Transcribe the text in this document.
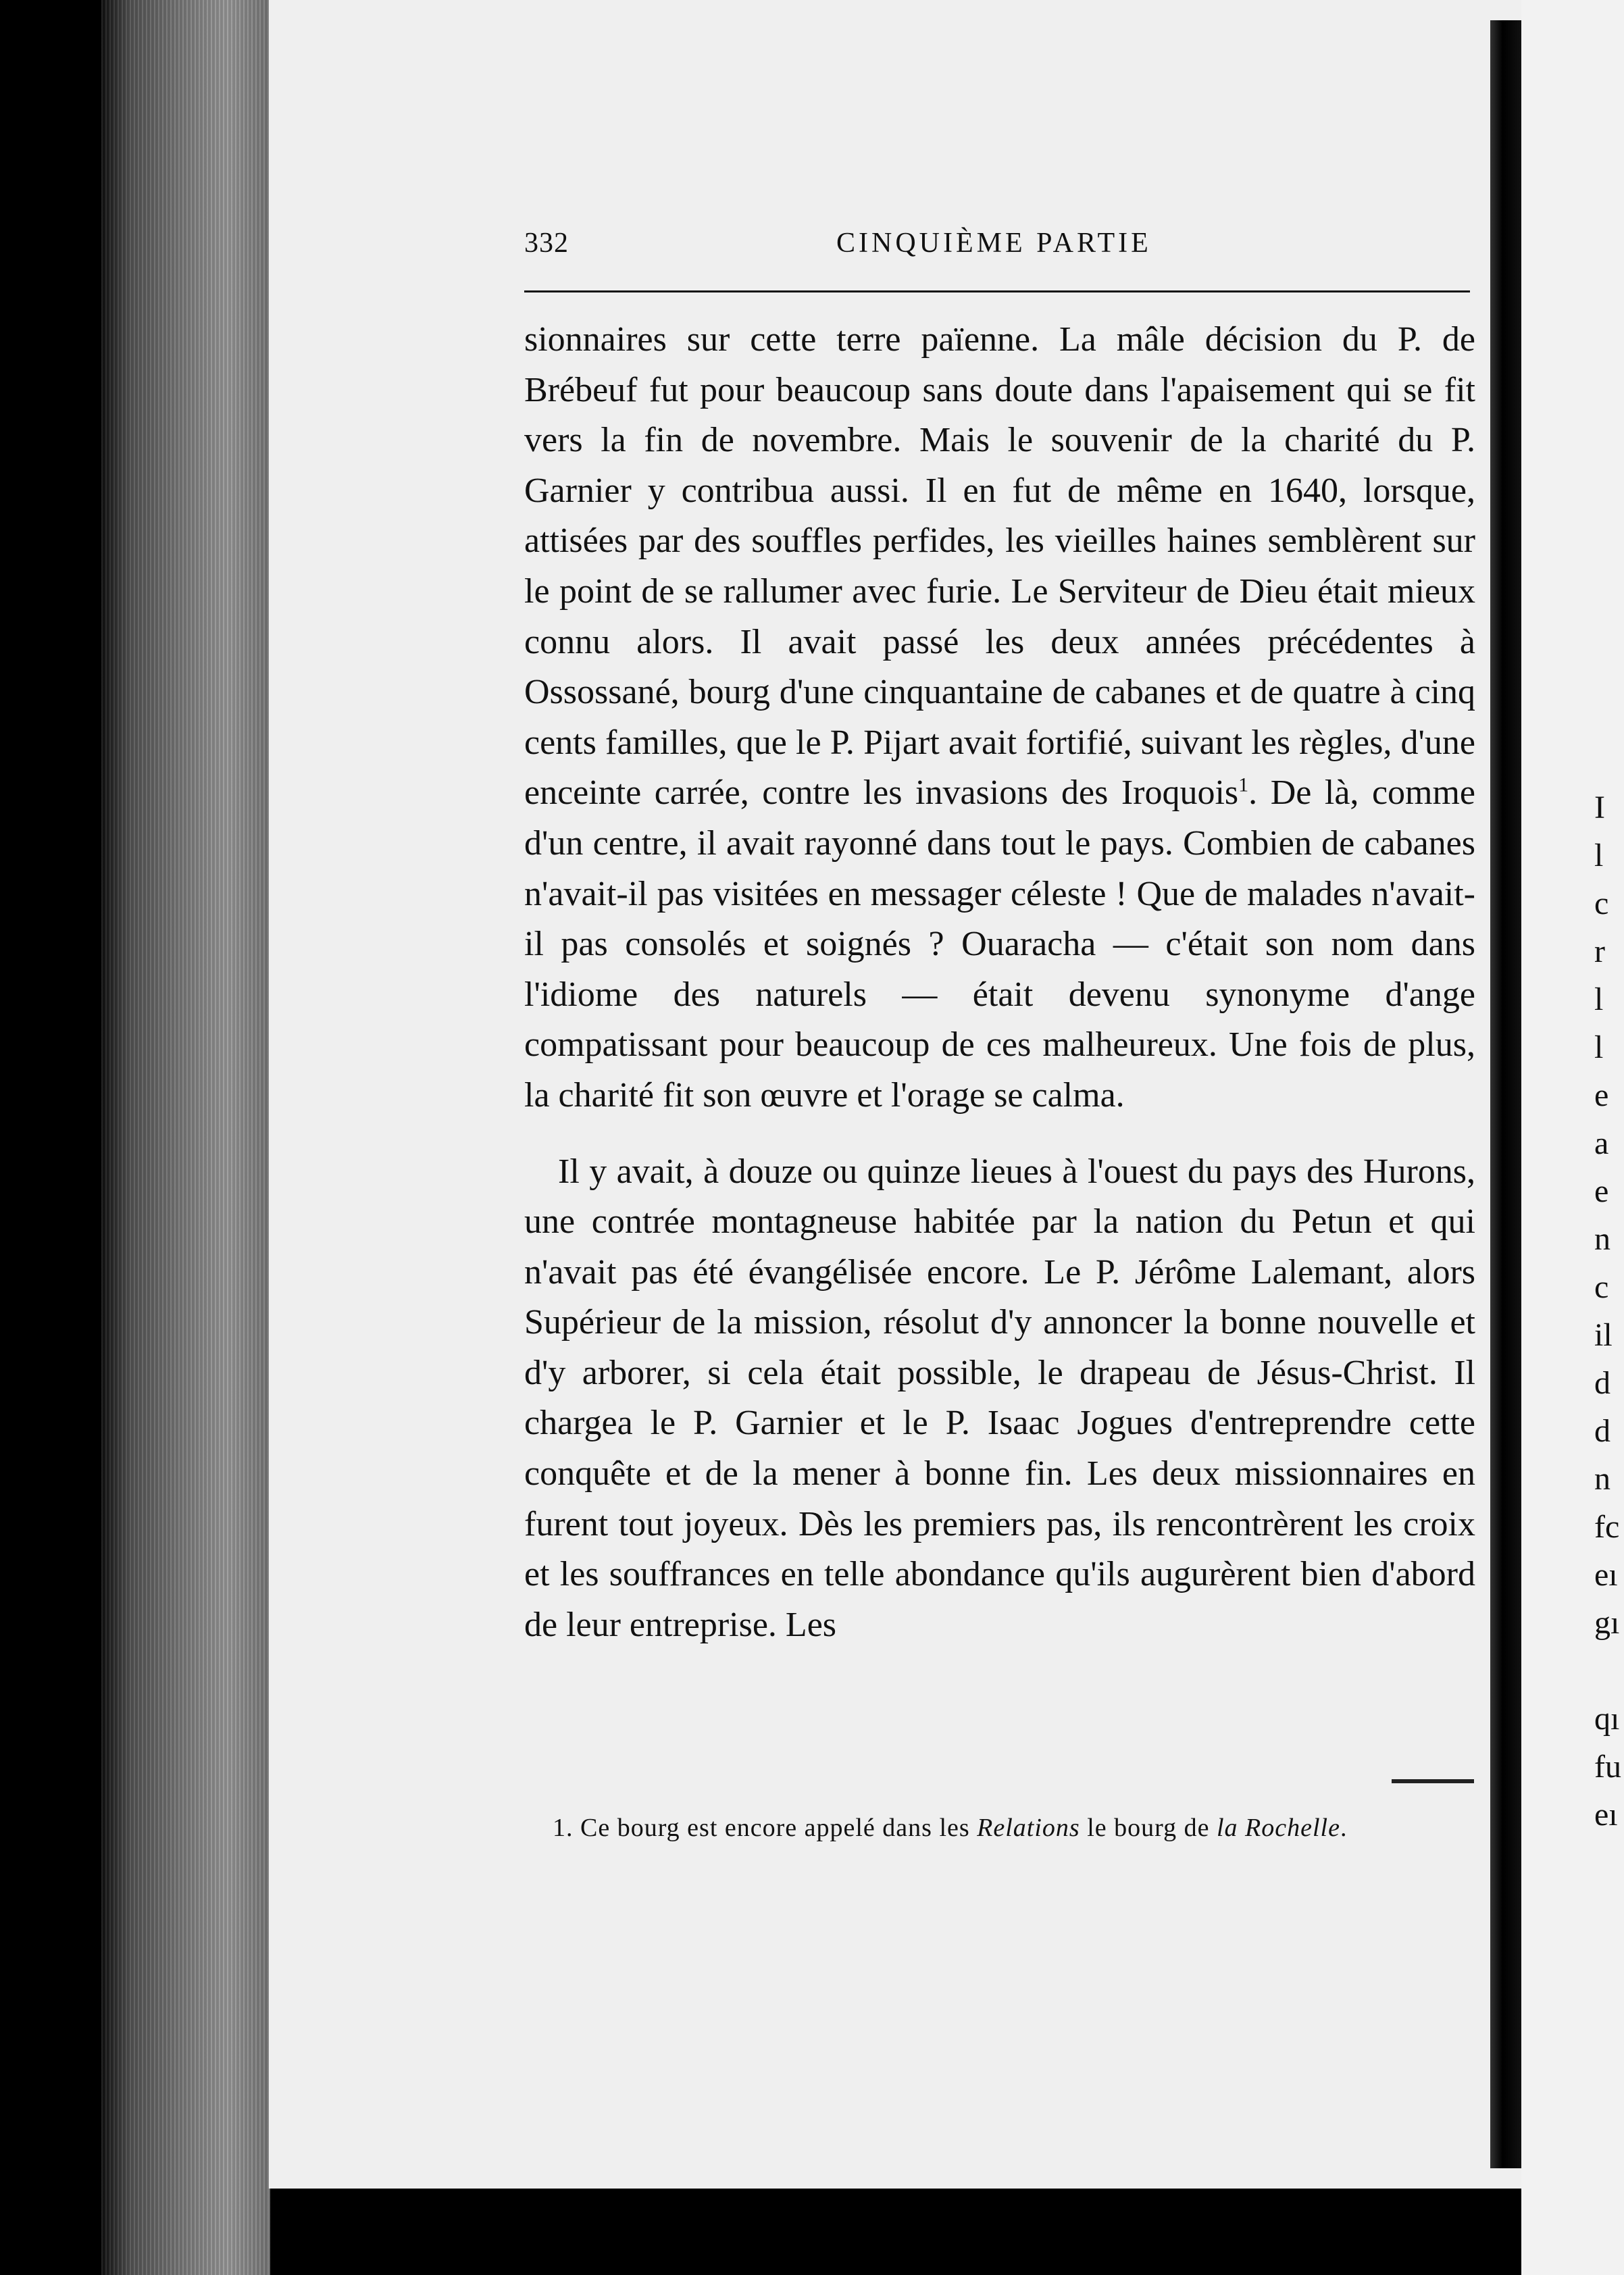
I
l
c
r
l
l
e
a
e
n
c
il
d
d
n
fc
eı
gı

qı
fu
eı
332	CINQUIÈME PARTIE

sionnaires sur cette terre païenne. La mâle décision du P. de Brébeuf fut pour beaucoup sans doute dans l'apaisement qui se fit vers la fin de novembre. Mais le souvenir de la charité du P. Garnier y contribua aussi. Il en fut de même en 1640, lorsque, attisées par des souffles perfides, les vieilles haines semblèrent sur le point de se rallumer avec furie. Le Serviteur de Dieu était mieux connu alors. Il avait passé les deux années précédentes à Ossossané, bourg d'une cinquantaine de cabanes et de quatre à cinq cents familles, que le P. Pijart avait fortifié, suivant les règles, d'une enceinte carrée, contre les invasions des Iroquois$^1$. De là, comme d'un centre, il avait rayonné dans tout le pays. Combien de cabanes n'avait-il pas visitées en messager céleste ! Que de malades n'avait-il pas consolés et soignés ? Ouaracha — c'était son nom dans l'idiome des naturels — était devenu synonyme d'ange compatissant pour beaucoup de ces malheureux. Une fois de plus, la charité fit son œuvre et l'orage se calma.

Il y avait, à douze ou quinze lieues à l'ouest du pays des Hurons, une contrée montagneuse habitée par la nation du Petun et qui n'avait pas été évangélisée encore. Le P. Jérôme Lalemant, alors Supérieur de la mission, résolut d'y annoncer la bonne nouvelle et d'y arborer, si cela était possible, le drapeau de Jésus-Christ. Il chargea le P. Garnier et le P. Isaac Jogues d'entreprendre cette conquête et de la mener à bonne fin. Les deux missionnaires en furent tout joyeux. Dès les premiers pas, ils rencontrèrent les croix et les souffrances en telle abondance qu'ils augurèrent bien d'abord de leur entreprise. Les

1. Ce bourg est encore appelé dans les Relations le bourg de la Rochelle.
